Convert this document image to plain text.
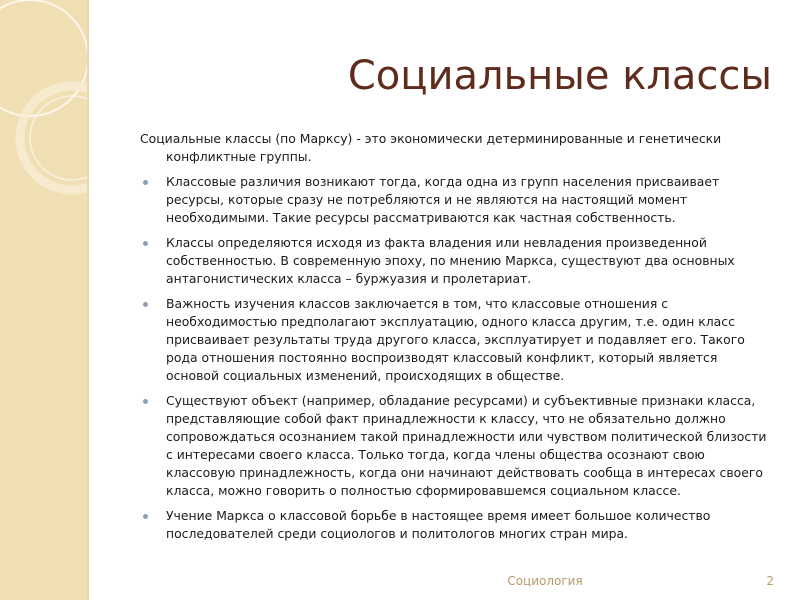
Социальные классы
Социальные классы (по Марксу) - это экономически детерминированные и генетически конфликтные группы.
Классовые различия возникают тогда, когда одна из групп населения присваивает ресурсы, которые сразу не потребляются и не являются на настоящий момент необходимыми. Такие ресурсы рассматриваются как частная собственность.
Классы определяются исходя из факта владения или невладения произведенной собственностью. В современную эпоху, по мнению Маркса, существуют два основных антагонистических класса – буржуазия и пролетариат.
Важность изучения классов заключается в том, что классовые отношения с необходимостью предполагают эксплуатацию, одного класса другим, т.е. один класс присваивает результаты труда другого класса, эксплуатирует и подавляет его. Такого рода отношения постоянно воспроизводят классовый конфликт, который является основой социальных изменений, происходящих в обществе.
Существуют объект (например, обладание ресурсами) и субъективные признаки класса, представляющие собой факт принадлежности к классу, что не обязательно должно сопровождаться осознанием такой принадлежности или чувством политической близости с интересами своего класса. Только тогда, когда члены общества осознают свою классовую принадлежность, когда они начинают действовать сообща в интересах своего класса, можно говорить о полностью сформировавшемся социальном классе.
Учение Маркса о классовой борьбе в настоящее время имеет большое количество последователей среди социологов и политологов многих стран мира.
Социология	2
